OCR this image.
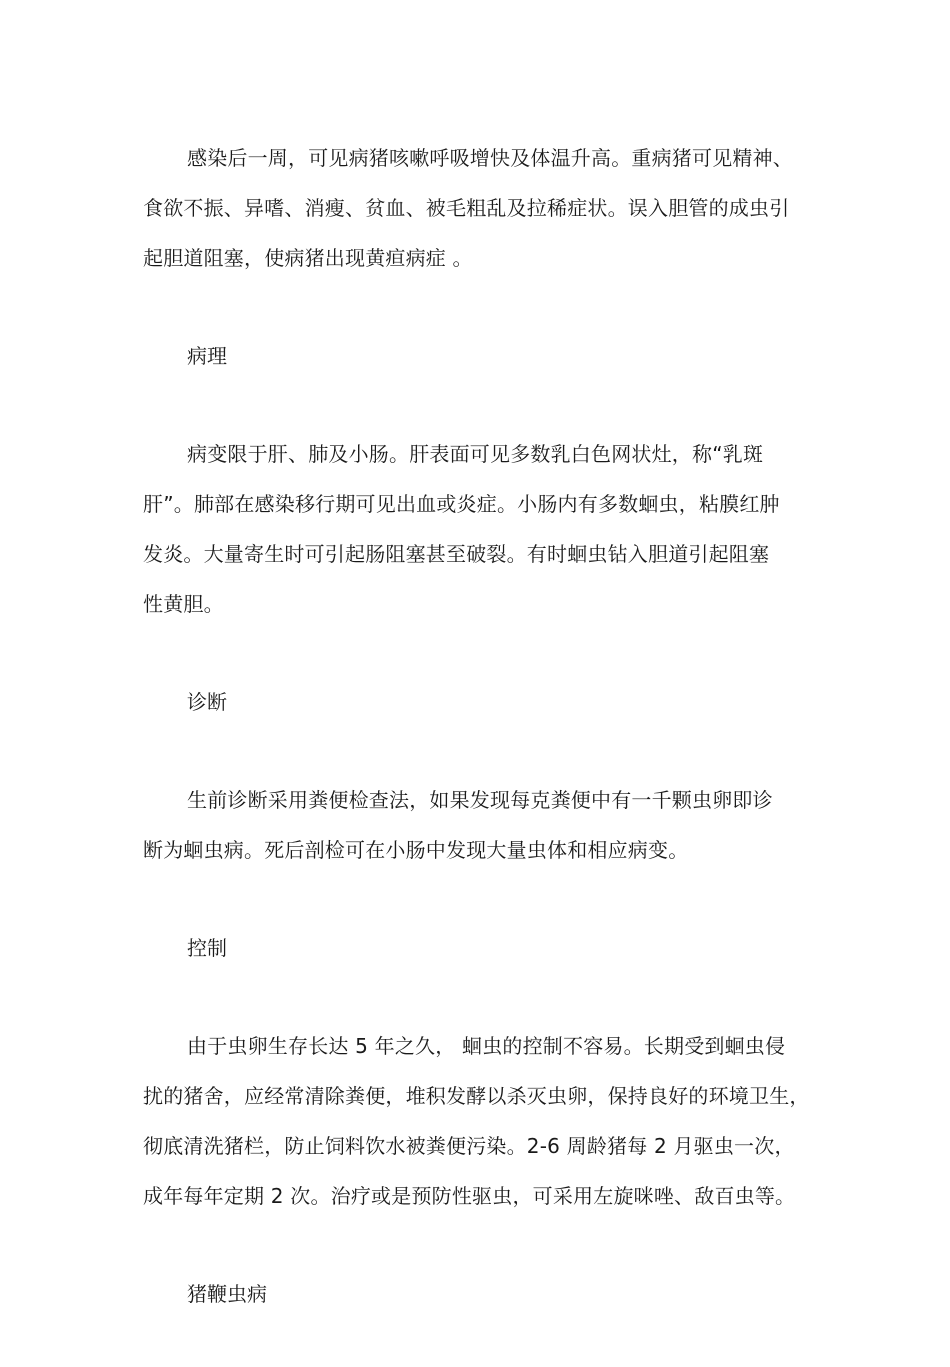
感染后一周，可见病猪咳嗽呼吸增快及体温升高。重病猪可见精神、
食欲不振、异嗜、消瘦、贫血、被毛粗乱及拉稀症状。误入胆管的成虫引
起胆道阻塞，使病猪出现黄疸病症 。
病理
病变限于肝、肺及小肠。肝表面可见多数乳白色网状灶，称“乳斑
肝”。肺部在感染移行期可见出血或炎症。小肠内有多数蛔虫，粘膜红肿
发炎。大量寄生时可引起肠阻塞甚至破裂。有时蛔虫钻入胆道引起阻塞
性黄胆。
诊断
生前诊断采用粪便检查法，如果发现每克粪便中有一千颗虫卵即诊
断为蛔虫病。死后剖检可在小肠中发现大量虫体和相应病变。
控制
由于虫卵生存长达 5 年之久， 蛔虫的控制不容易。长期受到蛔虫侵
扰的猪舍，应经常清除粪便，堆积发酵以杀灭虫卵，保持良好的环境卫生，
彻底清洗猪栏，防止饲料饮水被粪便污染。2-6 周龄猪每 2 月驱虫一次，
成年每年定期 2 次。治疗或是预防性驱虫，可采用左旋咪唑、敌百虫等。
猪鞭虫病
